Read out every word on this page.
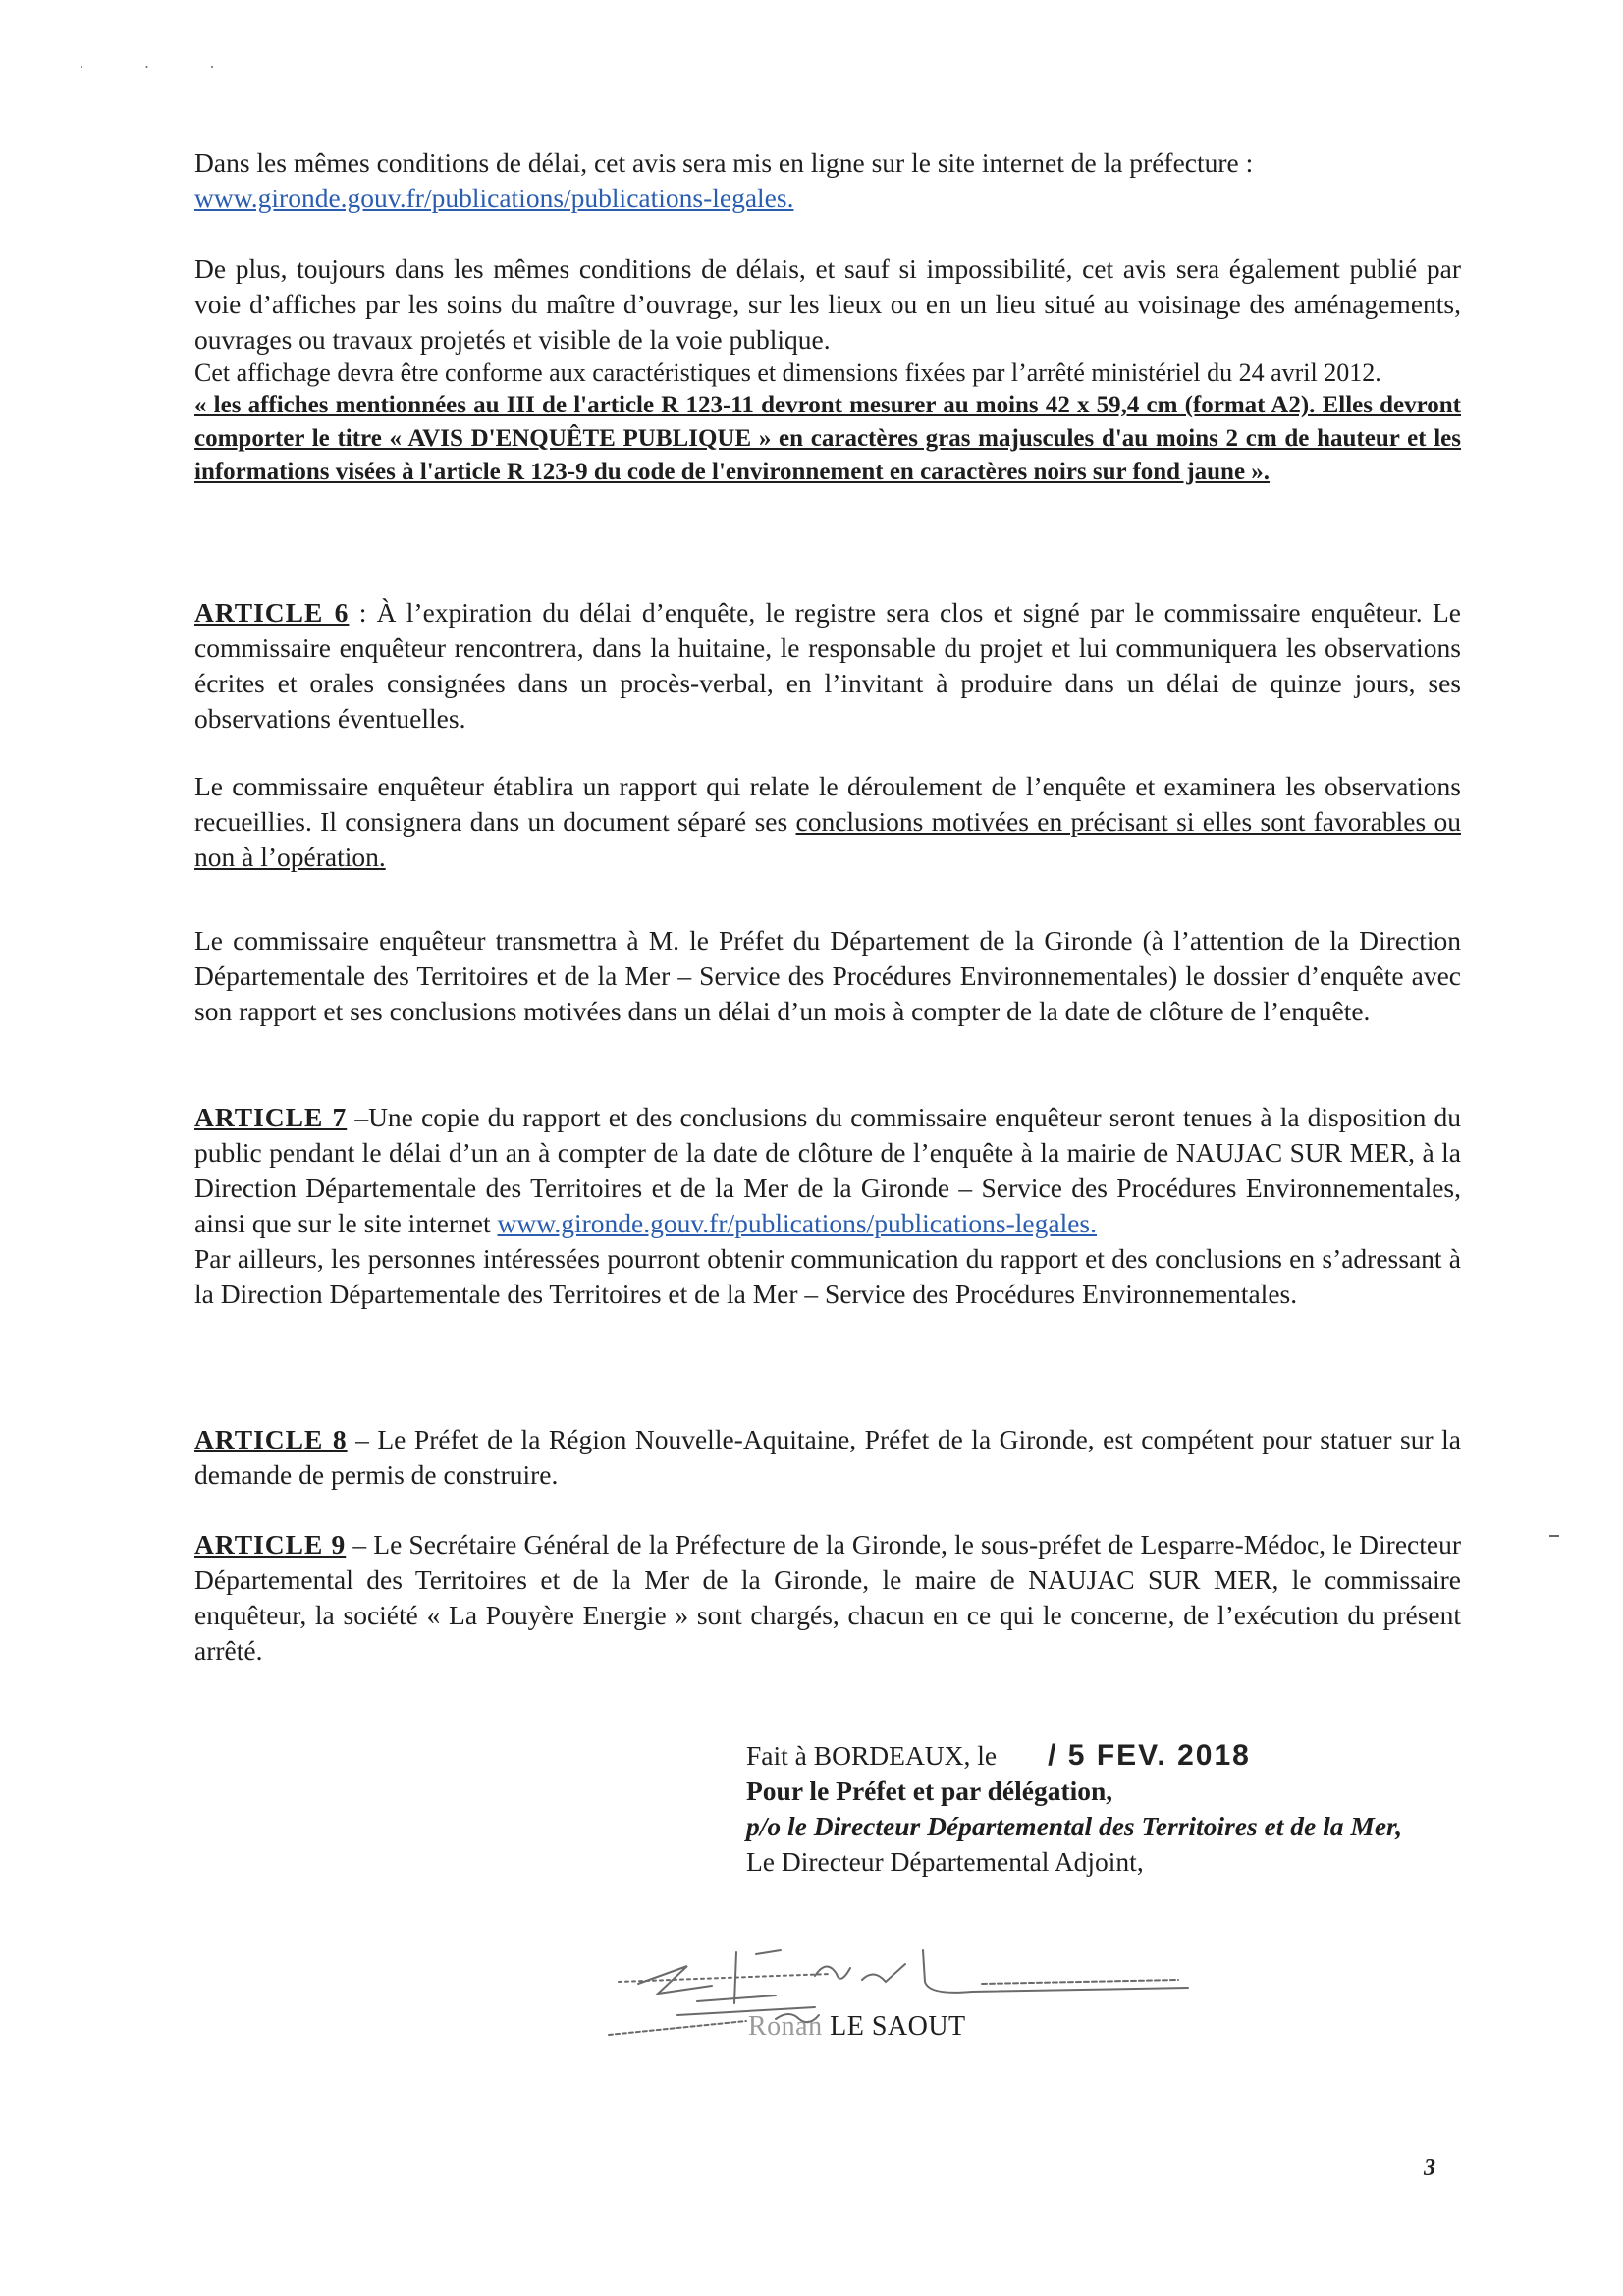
· · ·

Dans les mêmes conditions de délai, cet avis sera mis en ligne sur le site internet de la préfecture :

www.gironde.gouv.fr/publications/publications-legales.

De plus, toujours dans les mêmes conditions de délais, et sauf si impossibilité, cet avis sera également publié par voie d’affiches par les soins du maître d’ouvrage, sur les lieux ou en un lieu situé au voisinage des aménagements, ouvrages ou travaux projetés et visible de la voie publique.

Cet affichage devra être conforme aux caractéristiques et dimensions fixées par l’arrêté ministériel du 24 avril 2012.

« les affiches mentionnées au III de l'article R 123-11 devront mesurer au moins 42 x 59,4 cm (format A2). Elles devront comporter le titre « AVIS D'ENQUÊTE PUBLIQUE » en caractères gras majuscules d'au moins 2 cm de hauteur et les informations visées à l'article R 123-9 du code de l'environnement en caractères noirs sur fond jaune ».

ARTICLE 6 : À l’expiration du délai d’enquête, le registre sera clos et signé par le commissaire enquêteur. Le commissaire enquêteur rencontrera, dans la huitaine, le responsable du projet et lui communiquera les observations écrites et orales consignées dans un procès-verbal, en l’invitant à produire dans un délai de quinze jours, ses observations éventuelles.

Le commissaire enquêteur établira un rapport qui relate le déroulement de l’enquête et examinera les observations recueillies. Il consignera dans un document séparé ses conclusions motivées en précisant si elles sont favorables ou non à l’opération.

Le commissaire enquêteur transmettra à M. le Préfet du Département de la Gironde (à l’attention de la Direction Départementale des Territoires et de la Mer – Service des Procédures Environnementales) le dossier d’enquête avec son rapport et ses conclusions motivées dans un délai d’un mois à compter de la date de clôture de l’enquête.

ARTICLE 7 –Une copie du rapport et des conclusions du commissaire enquêteur seront tenues à la disposition du public pendant le délai d’un an à compter de la date de clôture de l’enquête à la mairie de NAUJAC SUR MER, à la Direction Départementale des Territoires et de la Mer de la Gironde – Service des Procédures Environnementales, ainsi que sur le site internet www.gironde.gouv.fr/publications/publications-legales.

Par ailleurs, les personnes intéressées pourront obtenir communication du rapport et des conclusions en s’adressant à la Direction Départementale des Territoires et de la Mer – Service des Procédures Environnementales.

ARTICLE 8 – Le Préfet de la Région Nouvelle-Aquitaine, Préfet de la Gironde, est compétent pour statuer sur la demande de permis de construire.

ARTICLE 9 – Le Secrétaire Général de la Préfecture de la Gironde, le sous-préfet de Lesparre-Médoc, le Directeur Départemental des Territoires et de la Mer de la Gironde, le maire de NAUJAC SUR MER, le commissaire enquêteur, la société « La Pouyère Energie » sont chargés, chacun en ce qui le concerne, de l’exécution du présent arrêté.

Fait à BORDEAUX, le / 5 FEV. 2018

Pour le Préfet et par délégation,

p/o le Directeur Départemental des Territoires et de la Mer,

Le Directeur Départemental Adjoint,

Ronan LE SAOUT
3
